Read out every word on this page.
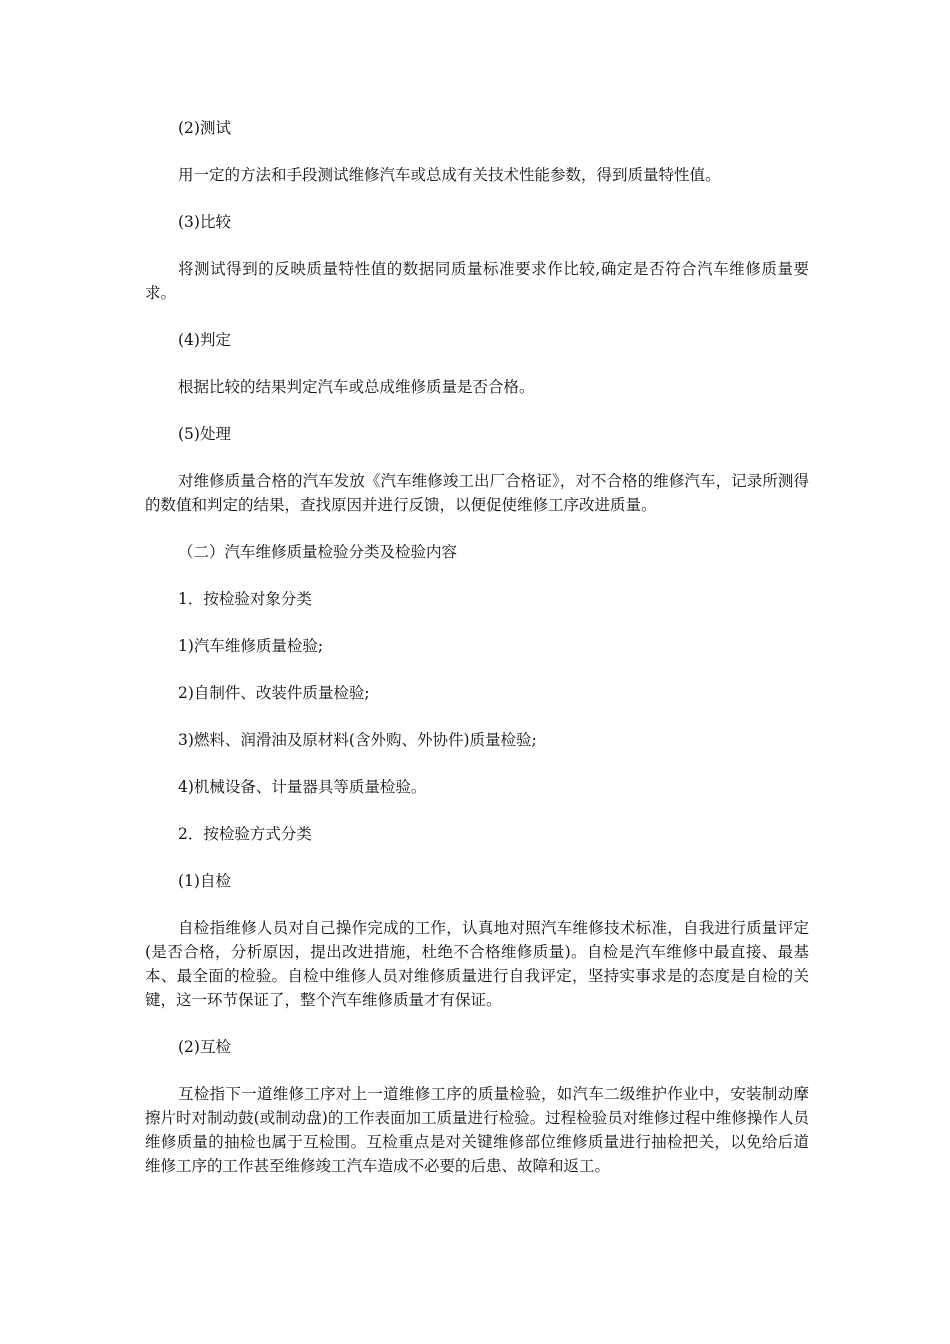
(2)测试

用一定的方法和手段测试维修汽车或总成有关技术性能参数，得到质量特性值。

(3)比较

将测试得到的反映质量特性值的数据同质量标准要求作比较,确定是否符合汽车维修质量要求。

(4)判定

根据比较的结果判定汽车或总成维修质量是否合格。

(5)处理

对维修质量合格的汽车发放《汽车维修竣工出厂合格证》，对不合格的维修汽车，记录所测得的数值和判定的结果，查找原因并进行反馈，以便促使维修工序改进质量。

（二）汽车维修质量检验分类及检验内容

1．按检验对象分类

1)汽车维修质量检验;

2)自制件、改装件质量检验;

3)燃料、润滑油及原材料(含外购、外协件)质量检验;

4)机械设备、计量器具等质量检验。

2．按检验方式分类

(1)自检

自检指维修人员对自己操作完成的工作，认真地对照汽车维修技术标准，自我进行质量评定(是否合格，分析原因，提出改进措施，杜绝不合格维修质量)。自检是汽车维修中最直接、最基本、最全面的检验。自检中维修人员对维修质量进行自我评定，坚持实事求是的态度是自检的关键，这一环节保证了，整个汽车维修质量才有保证。

(2)互检

互检指下一道维修工序对上一道维修工序的质量检验，如汽车二级维护作业中，安装制动摩擦片时对制动鼓(或制动盘)的工作表面加工质量进行检验。过程检验员对维修过程中维修操作人员维修质量的抽检也属于互检围。互检重点是对关键维修部位维修质量进行抽检把关，以免给后道维修工序的工作甚至维修竣工汽车造成不必要的后患、故障和返工。
